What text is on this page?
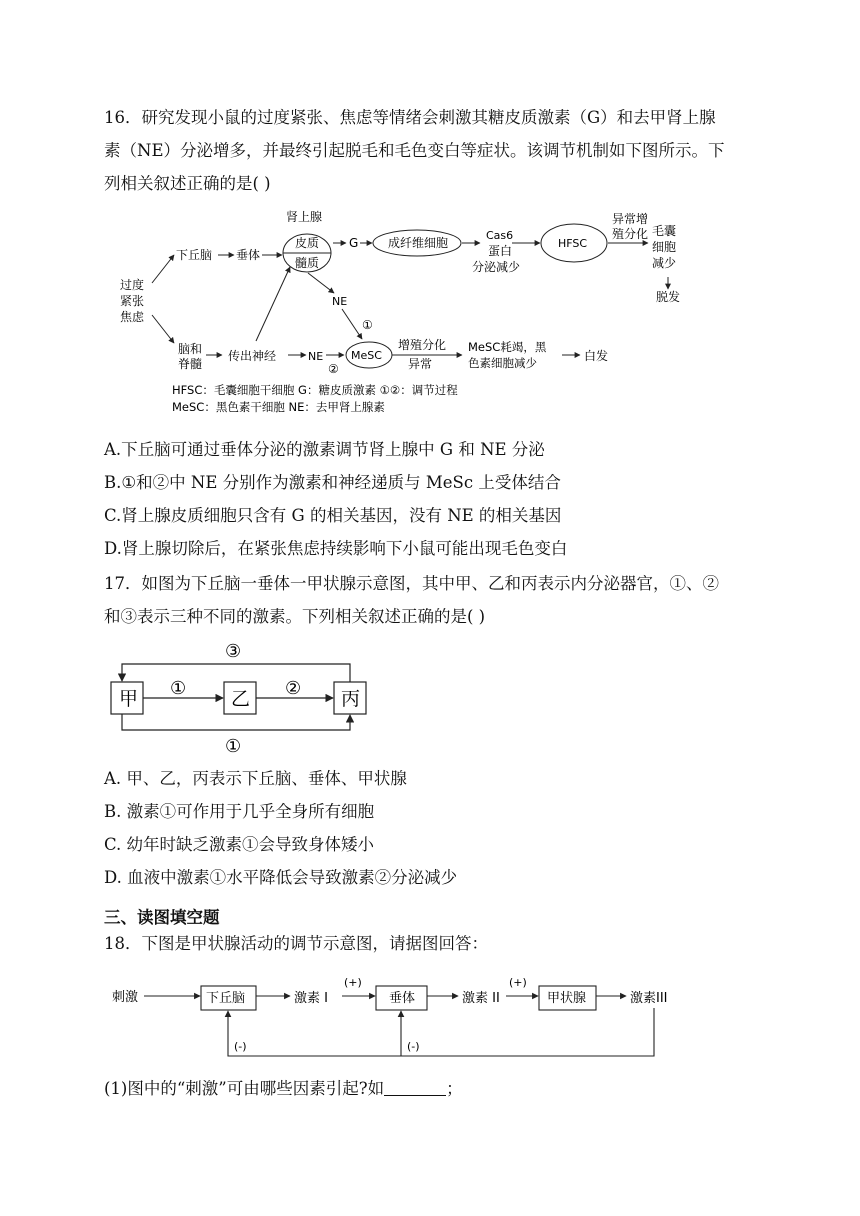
16．研究发现小鼠的过度紧张、焦虑等情绪会刺激其糖皮质激素（G）和去甲肾上腺
素（NE）分泌增多，并最终引起脱毛和毛色变白等症状。该调节机制如下图所示。下
列相关叙述正确的是( )
过度
紧张
焦虑
下丘脑 垂体
肾上腺
皮质
髓质
G 成纤维细胞
Cas6
蛋白
分泌减少
HFSC
异常增
殖分化 毛囊
细胞
减少
脱发
NE
①
脑和
脊髓
传出神经	NE
②
MeSC
增殖分化
异常
MeSC耗竭，黑
色素细胞减少	白发
HFSC：毛囊细胞干细胞 G：糖皮质激素 ①②：调节过程
MeSC：黑色素干细胞 NE：去甲肾上腺素
A.下丘脑可通过垂体分泌的激素调节肾上腺中 G 和 NE 分泌
B.①和②中 NE 分别作为激素和神经递质与 MeSc 上受体结合
C.肾上腺皮质细胞只含有 G 的相关基因，没有 NE 的相关基因
D.肾上腺切除后，在紧张焦虑持续影响下小鼠可能出现毛色变白
17．如图为下丘脑一垂体一甲状腺示意图，其中甲、乙和丙表示内分泌器官，①、②
和③表示三种不同的激素。下列相关叙述正确的是( )
甲	乙	丙
①	②
③
①
A. 甲、乙，丙表示下丘脑、垂体、甲状腺
B. 激素①可作用于几乎全身所有细胞
C. 幼年时缺乏激素①会导致身体矮小
D. 血液中激素①水平降低会导致激素②分泌减少
三、读图填空题
18．下图是甲状腺活动的调节示意图，请据图回答：
刺激	下丘脑	激素 I
(+)
垂体	激素 II
(+)
甲状腺	激素III
(-)	(-)
(1)图中的“刺激”可由哪些因素引起?如	；
